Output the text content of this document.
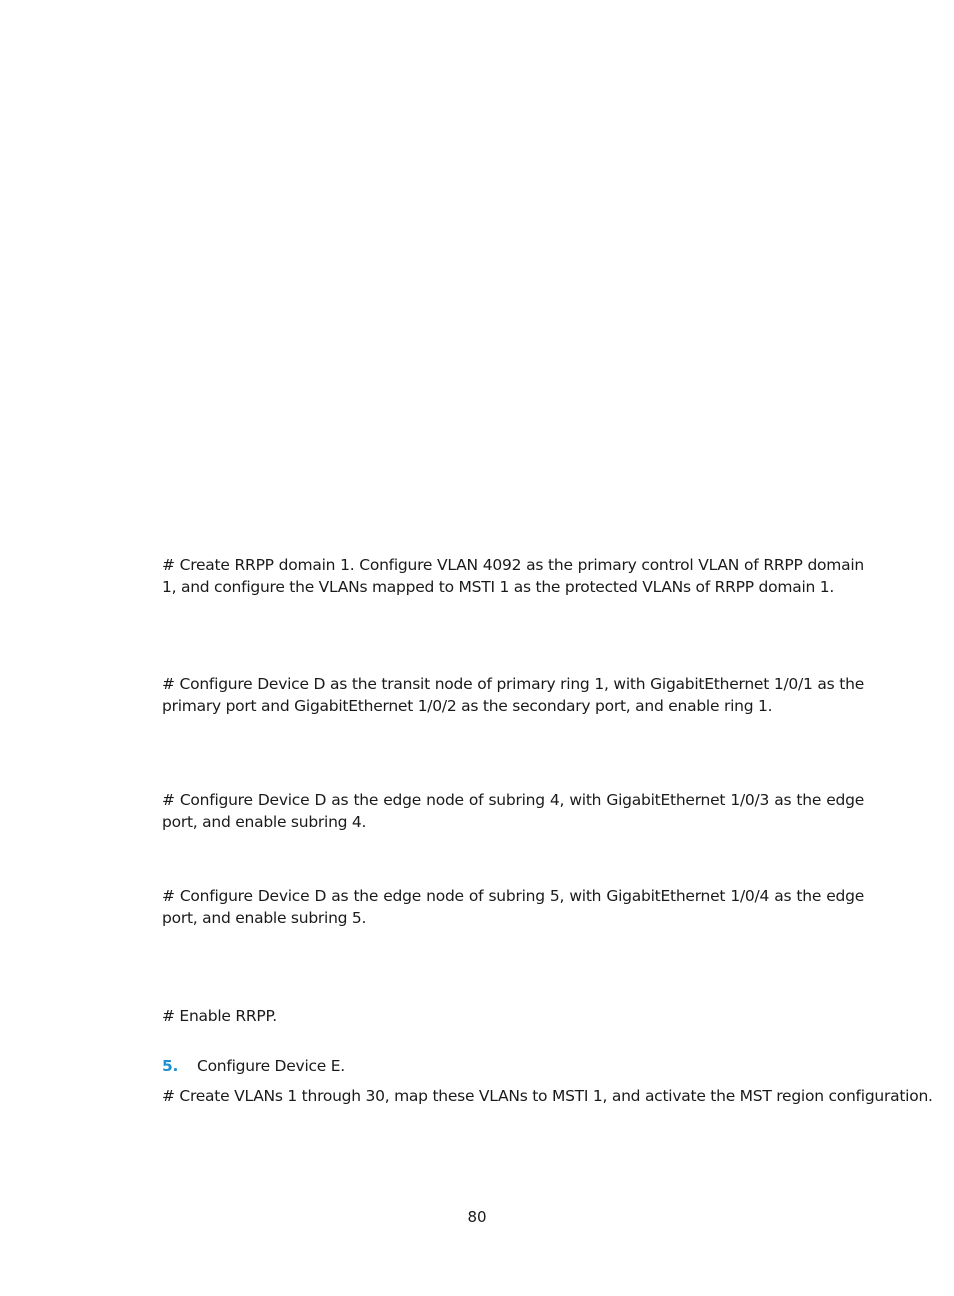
# Create RRPP domain 1. Configure VLAN 4092 as the primary control VLAN of RRPP domain 1, and configure the VLANs mapped to MSTI 1 as the protected VLANs of RRPP domain 1.

# Configure Device D as the transit node of primary ring 1, with GigabitEthernet 1/0/1 as the primary port and GigabitEthernet 1/0/2 as the secondary port, and enable ring 1.

# Configure Device D as the edge node of subring 4, with GigabitEthernet 1/0/3 as the edge port, and enable subring 4.

# Configure Device D as the edge node of subring 5, with GigabitEthernet 1/0/4 as the edge port, and enable subring 5.

# Enable RRPP.

5. Configure Device E.

# Create VLANs 1 through 30, map these VLANs to MSTI 1, and activate the MST region configuration.

80
